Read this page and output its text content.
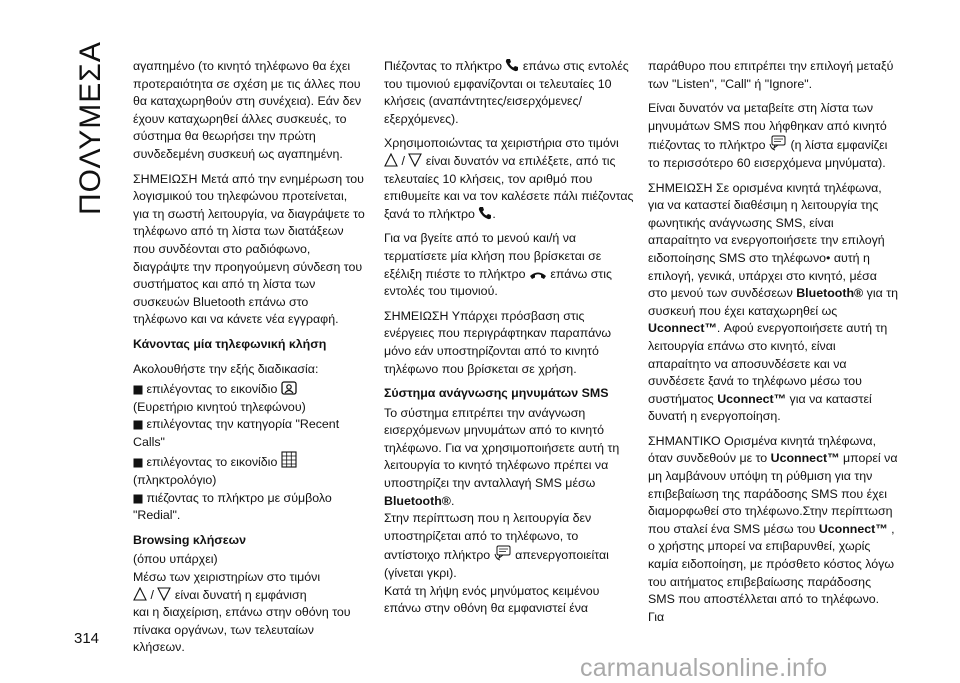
ΠΟΛΥΜΕΣΑ αγαπημένο (το κινητό τηλέφωνο θα έχει προτεραιότητα σε σχέση με τις άλλες που θα καταχωρηθούν στη συνέχεια). Εάν δεν έχουν καταχωρηθεί άλλες συσκευές, το σύστημα θα θεωρήσει την πρώτη συνδεδεμένη συσκευή ως αγαπημένη.

ΣΗΜΕΙΩΣΗ Μετά από την ενημέρωση του λογισμικού του τηλεφώνου προτείνεται, για τη σωστή λειτουργία, να διαγράψετε το τηλέφωνο από τη λίστα των διατάξεων που συνδέονται στο ραδιόφωνο, διαγράψτε την προηγούμενη σύνδεση του συστήματος και από τη λίστα των συσκευών Bluetooth επάνω στο τηλέφωνο και να κάνετε νέα εγγραφή.

Κάνοντας μία τηλεφωνική κλήση

Ακολουθήστε την εξής διαδικασία:

επιλέγοντας το εικονίδιο
(Ευρετήριο κινητού τηλεφώνου)
επιλέγοντας την κατηγορία "Recent Calls"
επιλέγοντας το εικονίδιο
(πληκτρολόγιο)
πιέζοντας το πλήκτρο με σύμβολο "Redial".

Browsing κλήσεων

(όπου υπάρχει)
Μέσω των χειριστηρίων στο τιμόνι
/ είναι δυνατή η εμφάνιση
και η διαχείριση, επάνω στην οθόνη του πίνακα οργάνων, των τελευταίων κλήσεων.

Πιέζοντας το πλήκτρο επάνω στις εντολές του τιμονιού εμφανίζονται οι τελευταίες 10 κλήσεις (αναπάντητες/εισερχόμενες/εξερχόμενες).

Χρησιμοποιώντας τα χειριστήρια στο τιμόνι
/ είναι δυνατόν να επιλέξετε, από τις τελευταίες 10 κλήσεις, τον αριθμό που επιθυμείτε και να τον καλέσετε πάλι πιέζοντας ξανά το πλήκτρο .

Για να βγείτε από το μενού και/ή να τερματίσετε μία κλήση που βρίσκεται σε εξέλιξη πιέστε το πλήκτρο επάνω στις εντολές του τιμονιού.

ΣΗΜΕΙΩΣΗ Υπάρχει πρόσβαση στις ενέργειες που περιγράφτηκαν παραπάνω μόνο εάν υποστηρίζονται από το κινητό τηλέφωνο που βρίσκεται σε χρήση.

Σύστημα ανάγνωσης μηνυμάτων SMS

Το σύστημα επιτρέπει την ανάγνωση εισερχόμενων μηνυμάτων από το κινητό τηλέφωνο. Για να χρησιμοποιήσετε αυτή τη λειτουργία το κινητό τηλέφωνο πρέπει να υποστηρίζει την ανταλλαγή SMS μέσω Bluetooth®.

Στην περίπτωση που η λειτουργία δεν υποστηρίζεται από το τηλέφωνο, το αντίστοιχο πλήκτρο απενεργοποιείται (γίνεται γκρι).

Κατά τη λήψη ενός μηνύματος κειμένου επάνω στην οθόνη θα εμφανιστεί ένα

παράθυρο που επιτρέπει την επιλογή μεταξύ των "Listen", "Call" ή "Ignore".

Είναι δυνατόν να μεταβείτε στη λίστα των μηνυμάτων SMS που λήφθηκαν από κινητό πιέζοντας το πλήκτρο (η λίστα εμφανίζει το περισσότερο 60 εισερχόμενα μηνύματα).

ΣΗΜΕΙΩΣΗ Σε ορισμένα κινητά τηλέφωνα, για να καταστεί διαθέσιμη η λειτουργία της φωνητικής ανάγνωσης SMS, είναι απαραίτητο να ενεργοποιήσετε την επιλογή ειδοποίησης SMS στο τηλέφωνο• αυτή η επιλογή, γενικά, υπάρχει στο κινητό, μέσα στο μενού των συνδέσεων Bluetooth® για τη συσκευή που έχει καταχωρηθεί ως Uconnect™. Αφού ενεργοποιήσετε αυτή τη λειτουργία επάνω στο κινητό, είναι απαραίτητο να αποσυνδέσετε και να συνδέσετε ξανά το τηλέφωνο μέσω του συστήματος Uconnect™ για να καταστεί δυνατή η ενεργοποίηση.

ΣΗΜΑΝΤΙΚΟ Ορισμένα κινητά τηλέφωνα, όταν συνδεθούν με το Uconnect™ μπορεί να μη λαμβάνουν υπόψη τη ρύθμιση για την επιβεβαίωση της παράδοσης SMS που έχει διαμορφωθεί στο τηλέφωνο.Στην περίπτωση που σταλεί ένα SMS μέσω του Uconnect™ , ο χρήστης μπορεί να επιβαρυνθεί, χωρίς καμία ειδοποίηση, με πρόσθετο κόστος λόγω του αιτήματος επιβεβαίωσης παράδοσης SMS που αποστέλλεται από το τηλέφωνο. Για

314
carmanualsonline.info
